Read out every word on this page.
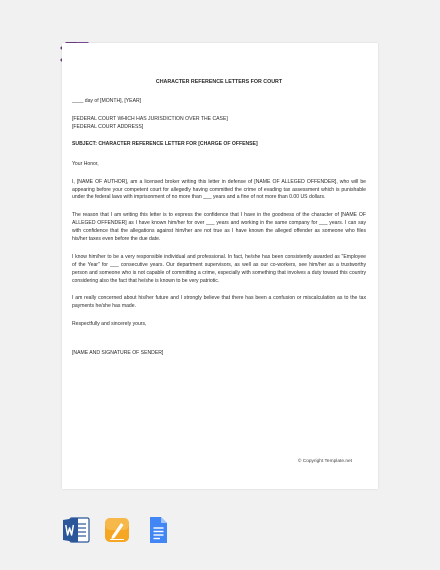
CHARACTER REFERENCE LETTERS FOR COURT

____ day of [MONTH], [YEAR]

[FEDERAL COURT WHICH HAS JURISDICTION OVER THE CASE]

[FEDERAL COURT ADDRESS]

SUBJECT: CHARACTER REFERENCE LETTER FOR [CHARGE OF OFFENSE]

Your Honor,

I, [NAME OF AUTHOR], am a licensed broker writing this letter in defense of [NAME OF ALLEGED OFFENDER], who will be appearing before your competent court for allegedly having committed the crime of evading tax assessment which is punishable under the federal laws with imprisonment of no more than ___ years and a fine of not more than 0.00 US dollars.

The reason that I am writing this letter is to express the confidence that I have in the goodness of the character of [NAME OF ALLEGED OFFENDER] as I have known him/her for over ___ years and working in the same company for ___ years. I can say with confidence that the allegations against him/her are not true as I have known the alleged offender as someone who files his/her taxes even before the due date.

I know him/her to be a very responsible individual and professional. In fact, he/she has been consistently awarded as "Employee of the Year" for ___ consecutive years. Our department supervisors, as well as our co-workers, see him/her as a trustworthy person and someone who is not capable of committing a crime, especially with something that involves a duty toward this country considering also the fact that he/she is known to be very patriotic.

I am really concerned about his/her future and I strongly believe that there has been a confusion or miscalculation as to the tax payments he/she has made.

Respectfully and sincerely yours,

[NAME AND SIGNATURE OF SENDER]

© Copyright Template.net
